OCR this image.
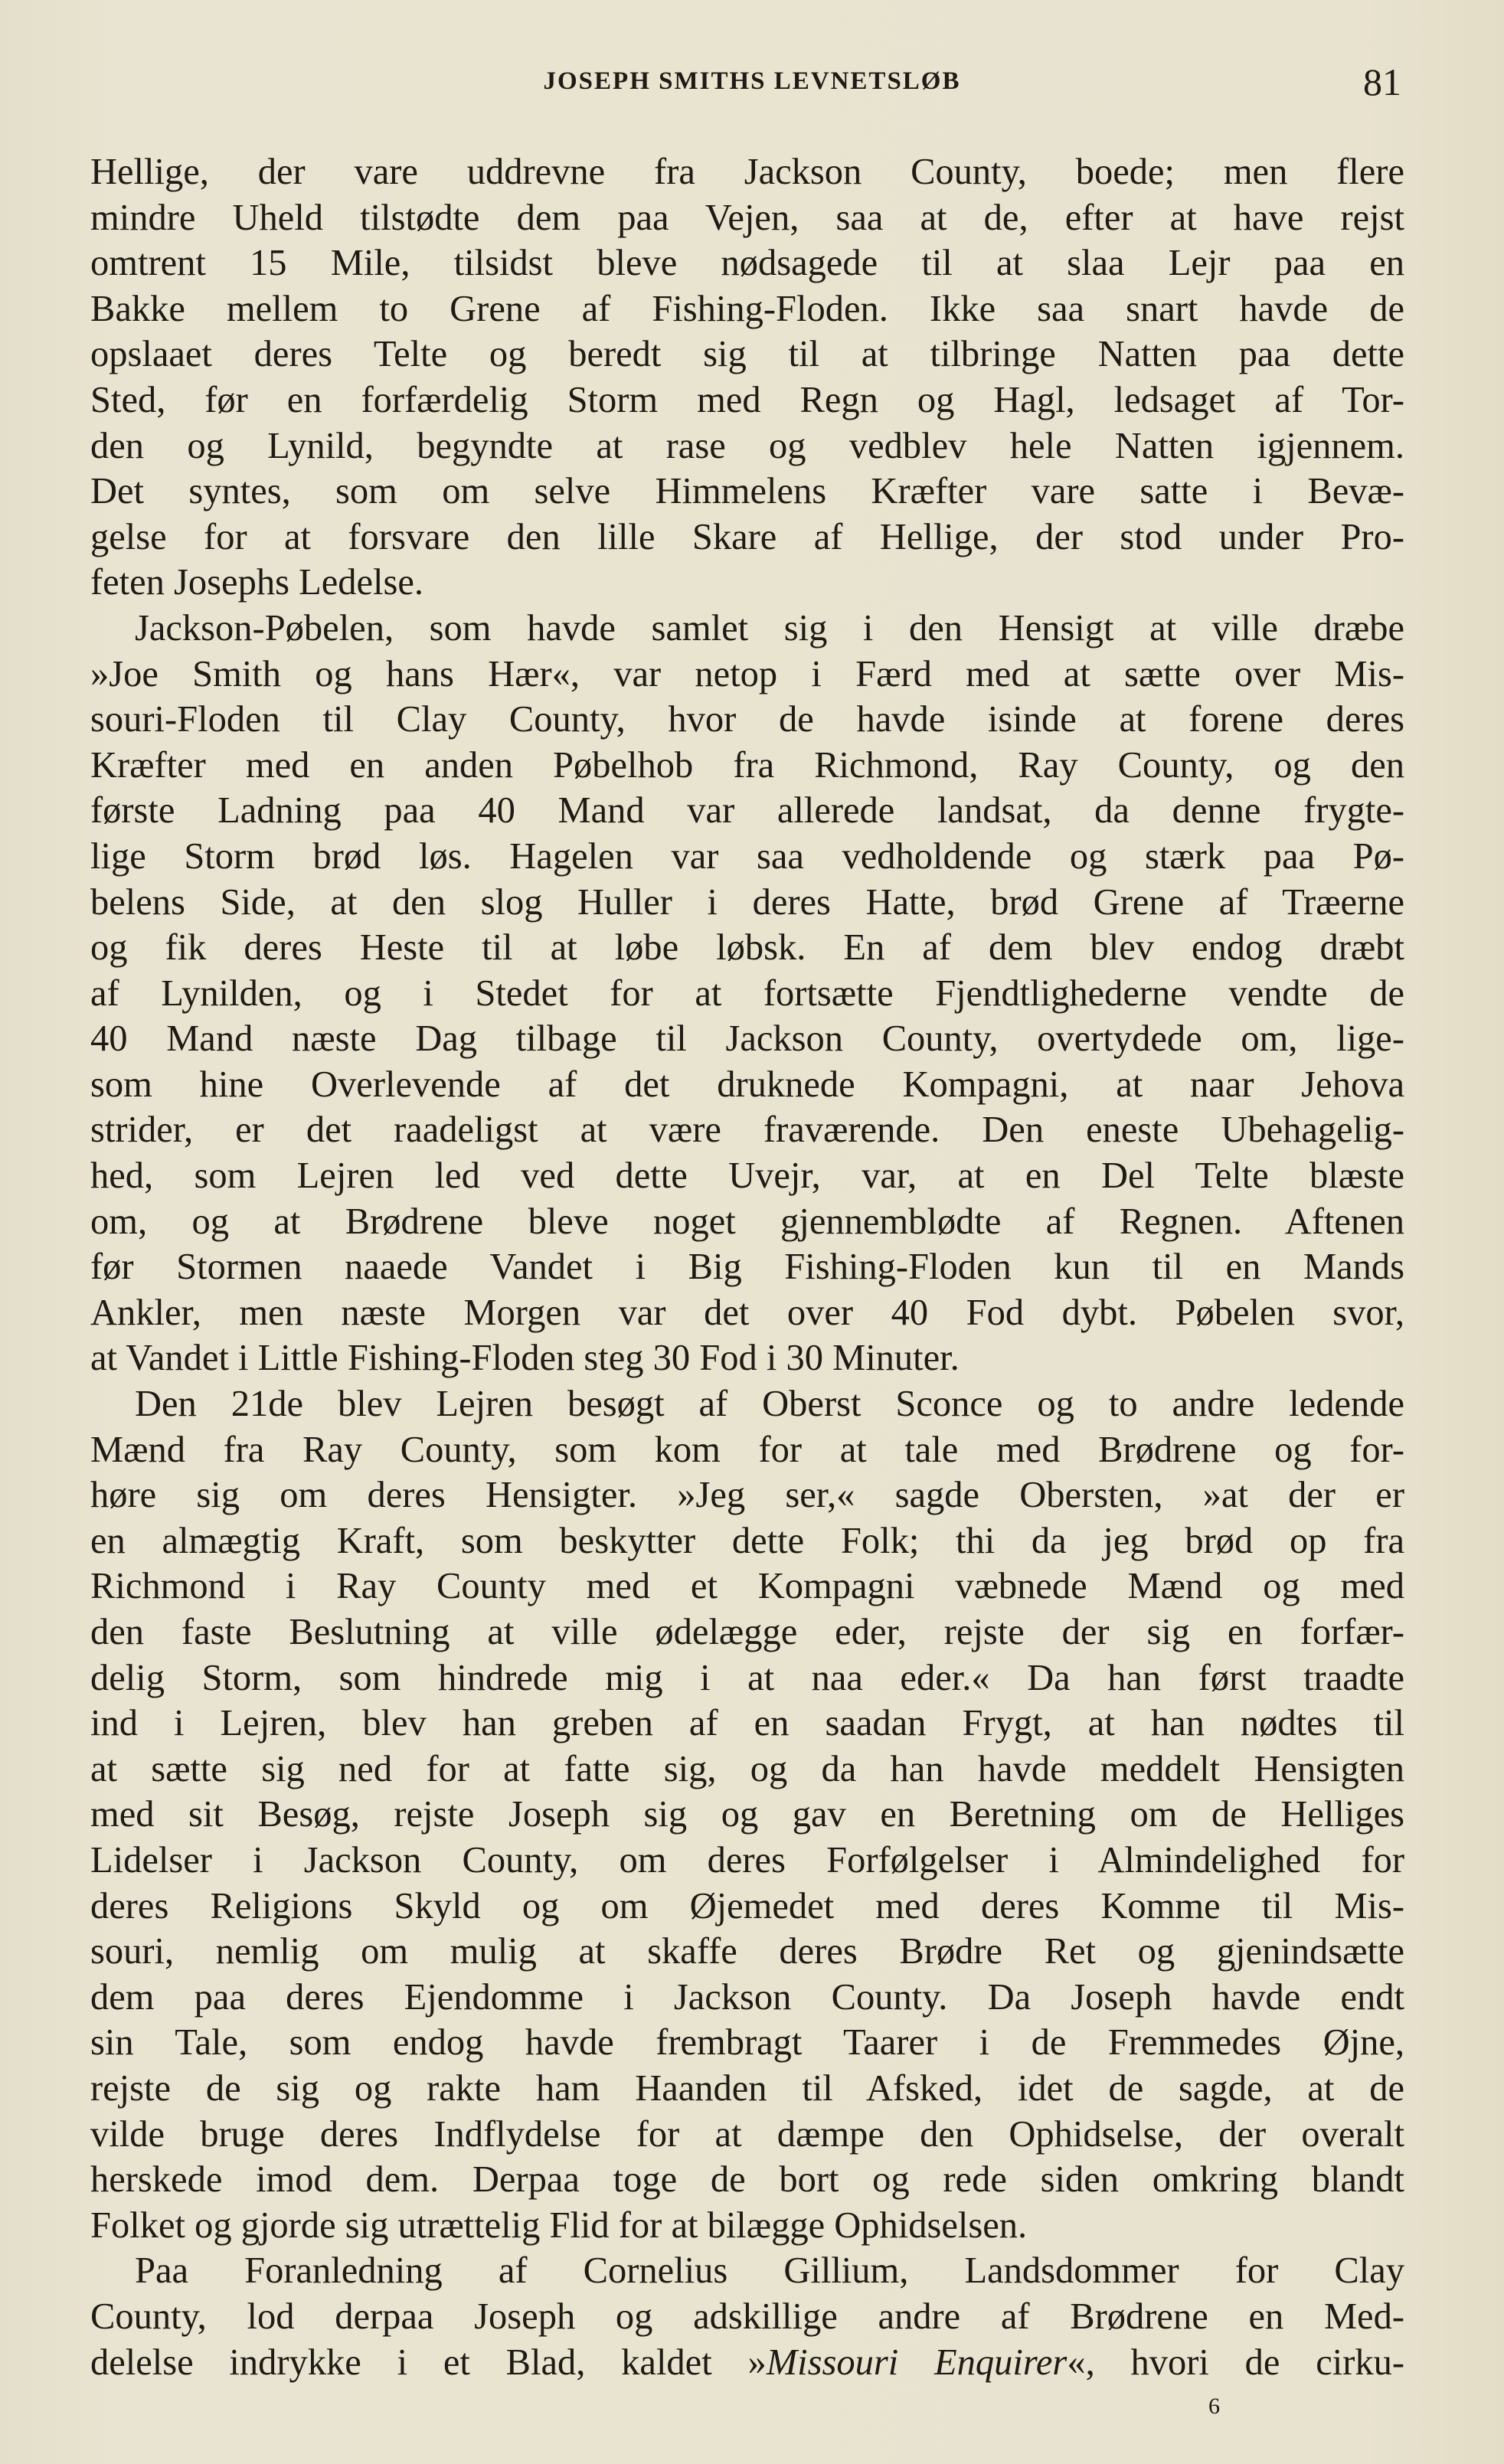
JOSEPH SMITHS LEVNETSLØB	81
Hellige, der vare uddrevne fra Jackson County, boede; men flere
mindre Uheld tilstødte dem paa Vejen, saa at de, efter at have rejst
omtrent 15 Mile, tilsidst bleve nødsagede til at slaa Lejr paa en
Bakke mellem to Grene af Fishing-Floden. Ikke saa snart havde de
opslaaet deres Telte og beredt sig til at tilbringe Natten paa dette
Sted, før en forfærdelig Storm med Regn og Hagl, ledsaget af Tor-
den og Lynild, begyndte at rase og vedblev hele Natten igjennem.
Det syntes, som om selve Himmelens Kræfter vare satte i Bevæ-
gelse for at forsvare den lille Skare af Hellige, der stod under Pro-
feten Josephs Ledelse.
Jackson-Pøbelen, som havde samlet sig i den Hensigt at ville dræbe
»Joe Smith og hans Hær«, var netop i Færd med at sætte over Mis-
souri-Floden til Clay County, hvor de havde isinde at forene deres
Kræfter med en anden Pøbelhob fra Richmond, Ray County, og den
første Ladning paa 40 Mand var allerede landsat, da denne frygte-
lige Storm brød løs. Hagelen var saa vedholdende og stærk paa Pø-
belens Side, at den slog Huller i deres Hatte, brød Grene af Træerne
og fik deres Heste til at løbe løbsk. En af dem blev endog dræbt
af Lynilden, og i Stedet for at fortsætte Fjendtlighederne vendte de
40 Mand næste Dag tilbage til Jackson County, overtydede om, lige-
som hine Overlevende af det druknede Kompagni, at naar Jehova
strider, er det raadeligst at være fraværende. Den eneste Ubehagelig-
hed, som Lejren led ved dette Uvejr, var, at en Del Telte blæste
om, og at Brødrene bleve noget gjennemblødte af Regnen. Aftenen
før Stormen naaede Vandet i Big Fishing-Floden kun til en Mands
Ankler, men næste Morgen var det over 40 Fod dybt. Pøbelen svor,
at Vandet i Little Fishing-Floden steg 30 Fod i 30 Minuter.
Den 21de blev Lejren besøgt af Oberst Sconce og to andre ledende
Mænd fra Ray County, som kom for at tale med Brødrene og for-
høre sig om deres Hensigter. »Jeg ser,« sagde Obersten, »at der er
en almægtig Kraft, som beskytter dette Folk; thi da jeg brød op fra
Richmond i Ray County med et Kompagni væbnede Mænd og med
den faste Beslutning at ville ødelægge eder, rejste der sig en forfær-
delig Storm, som hindrede mig i at naa eder.« Da han først traadte
ind i Lejren, blev han greben af en saadan Frygt, at han nødtes til
at sætte sig ned for at fatte sig, og da han havde meddelt Hensigten
med sit Besøg, rejste Joseph sig og gav en Beretning om de Helliges
Lidelser i Jackson County, om deres Forfølgelser i Almindelighed for
deres Religions Skyld og om Øjemedet med deres Komme til Mis-
souri, nemlig om mulig at skaffe deres Brødre Ret og gjenindsætte
dem paa deres Ejendomme i Jackson County. Da Joseph havde endt
sin Tale, som endog havde frembragt Taarer i de Fremmedes Øjne,
rejste de sig og rakte ham Haanden til Afsked, idet de sagde, at de
vilde bruge deres Indflydelse for at dæmpe den Ophidselse, der overalt
herskede imod dem. Derpaa toge de bort og rede siden omkring blandt
Folket og gjorde sig utrættelig Flid for at bilægge Ophidselsen.
Paa Foranledning af Cornelius Gillium, Landsdommer for Clay
County, lod derpaa Joseph og adskillige andre af Brødrene en Med-
delelse indrykke i et Blad, kaldet »Missouri Enquirer«, hvori de cirku-
6
